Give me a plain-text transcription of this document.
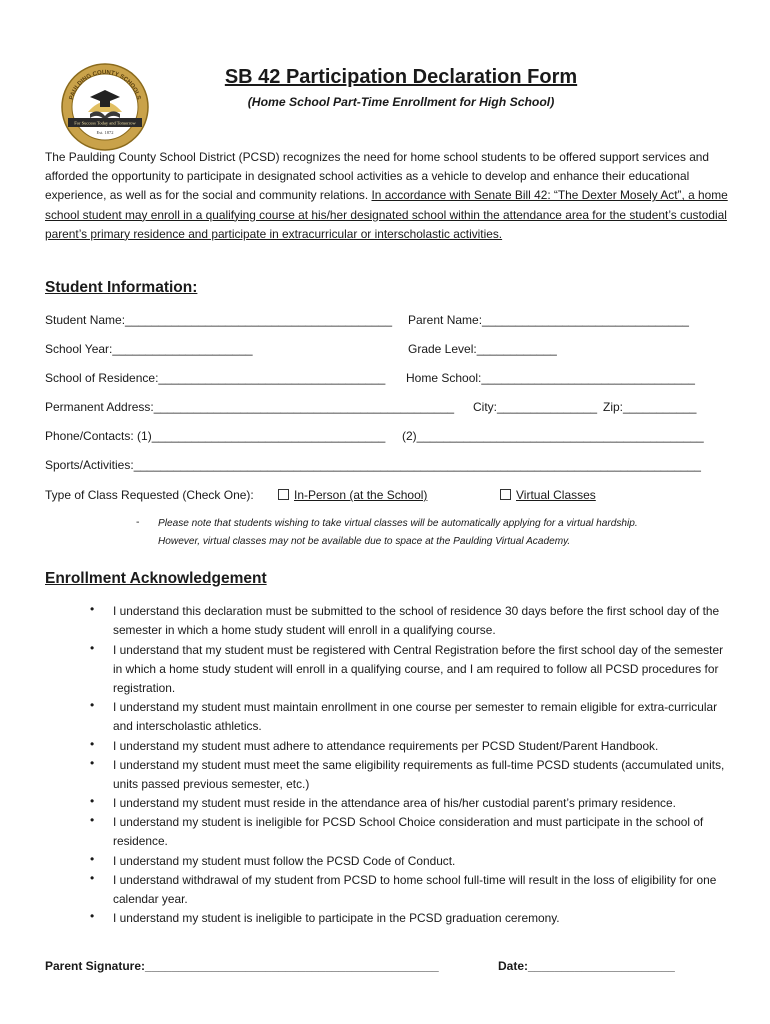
For Success Today and Tomorrow
Est. 1872
PAULDING COUNTY SCHOOLS
SB 42 Participation Declaration Form
(Home School Part-Time Enrollment for High School)
The Paulding County School District (PCSD) recognizes the need for home school students to be offered support services and afforded the opportunity to participate in designated school activities as a vehicle to develop and enhance their educational experience, as well as for the social and community relations. In accordance with Senate Bill 42: “The Dexter Mosely Act”, a home school student may enroll in a qualifying course at his/her designated school within the attendance area for the student’s custodial parent’s primary residence and participate in extracurricular or interscholastic activities.
Student Information:
Student Name:________________________________________ Parent Name:_______________________________
School Year:_____________________	Grade Level:____________
School of Residence:__________________________________ Home School:________________________________
Permanent Address:_____________________________________________ City:_______________ Zip:___________
Phone/Contacts: (1)___________________________________ (2)___________________________________________
Sports/Activities:_____________________________________________________________________________________
Type of Class Requested (Check One):	In-Person (at the School)	Virtual Classes
- Please note that students wishing to take virtual classes will be automatically applying for a virtual hardship.
However, virtual classes may not be available due to space at the Paulding Virtual Academy.
Enrollment Acknowledgement
• I understand this declaration must be submitted to the school of residence 30 days before the first school day of the semester in which a home study student will enroll in a qualifying course.
• I understand that my student must be registered with Central Registration before the first school day of the semester in which a home study student will enroll in a qualifying course, and I am required to follow all PCSD procedures for registration.
• I understand my student must maintain enrollment in one course per semester to remain eligible for extra-curricular and interscholastic athletics.
• I understand my student must adhere to attendance requirements per PCSD Student/Parent Handbook.
• I understand my student must meet the same eligibility requirements as full-time PCSD students (accumulated units, units passed previous semester, etc.)
• I understand my student must reside in the attendance area of his/her custodial parent’s primary residence.
• I understand my student is ineligible for PCSD School Choice consideration and must participate in the school of residence.
• I understand my student must follow the PCSD Code of Conduct.
• I understand withdrawal of my student from PCSD to home school full-time will result in the loss of eligibility for one calendar year.
• I understand my student is ineligible to participate in the PCSD graduation ceremony.
Parent Signature:____________________________________________	Date:______________________
